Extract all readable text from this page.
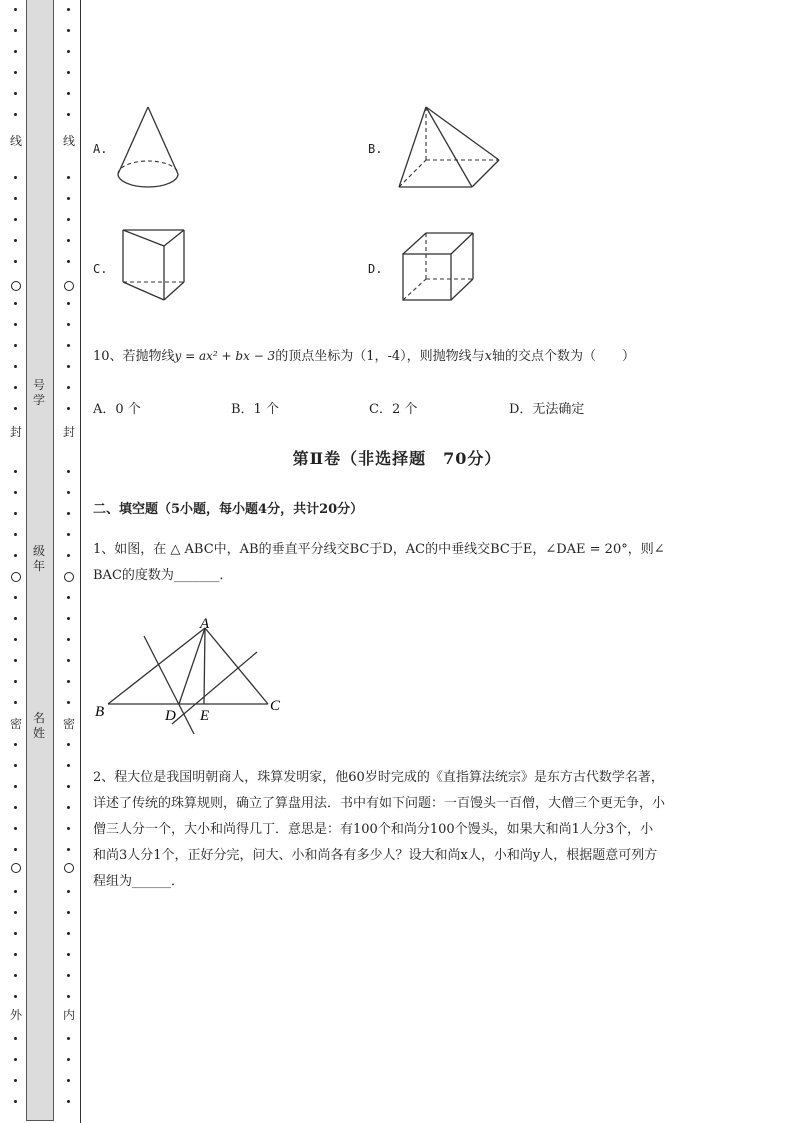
线
封
密
外
线
封
密
内
号学
级年
名姓
A.	B.
C.	D.
10、若抛物线y = ax² + bx − 3的顶点坐标为（1，-4），则抛物线与x轴的交点个数为（　　）
A．0 个	B．1 个	C．2 个	D．无法确定
第Ⅱ卷（非选择题　70分）
二、填空题（5小题，每小题4分，共计20分）
1、如图，在 △ ABC中，AB的垂直平分线交BC于D，AC的中垂线交BC于E，∠DAE = 20°，则∠
BAC的度数为_______．
A
B	C
D E
2、程大位是我国明朝商人，珠算发明家，他60岁时完成的《直指算法统宗》是东方古代数学名著，
详述了传统的珠算规则，确立了算盘用法．书中有如下问题：一百馒头一百僧，大僧三个更无争，小
僧三人分一个，大小和尚得几丁．意思是：有100个和尚分100个馒头，如果大和尚1人分3个，小
和尚3人分1个，正好分完，问大、小和尚各有多少人？设大和尚x人，小和尚y人，根据题意可列方
程组为______．
